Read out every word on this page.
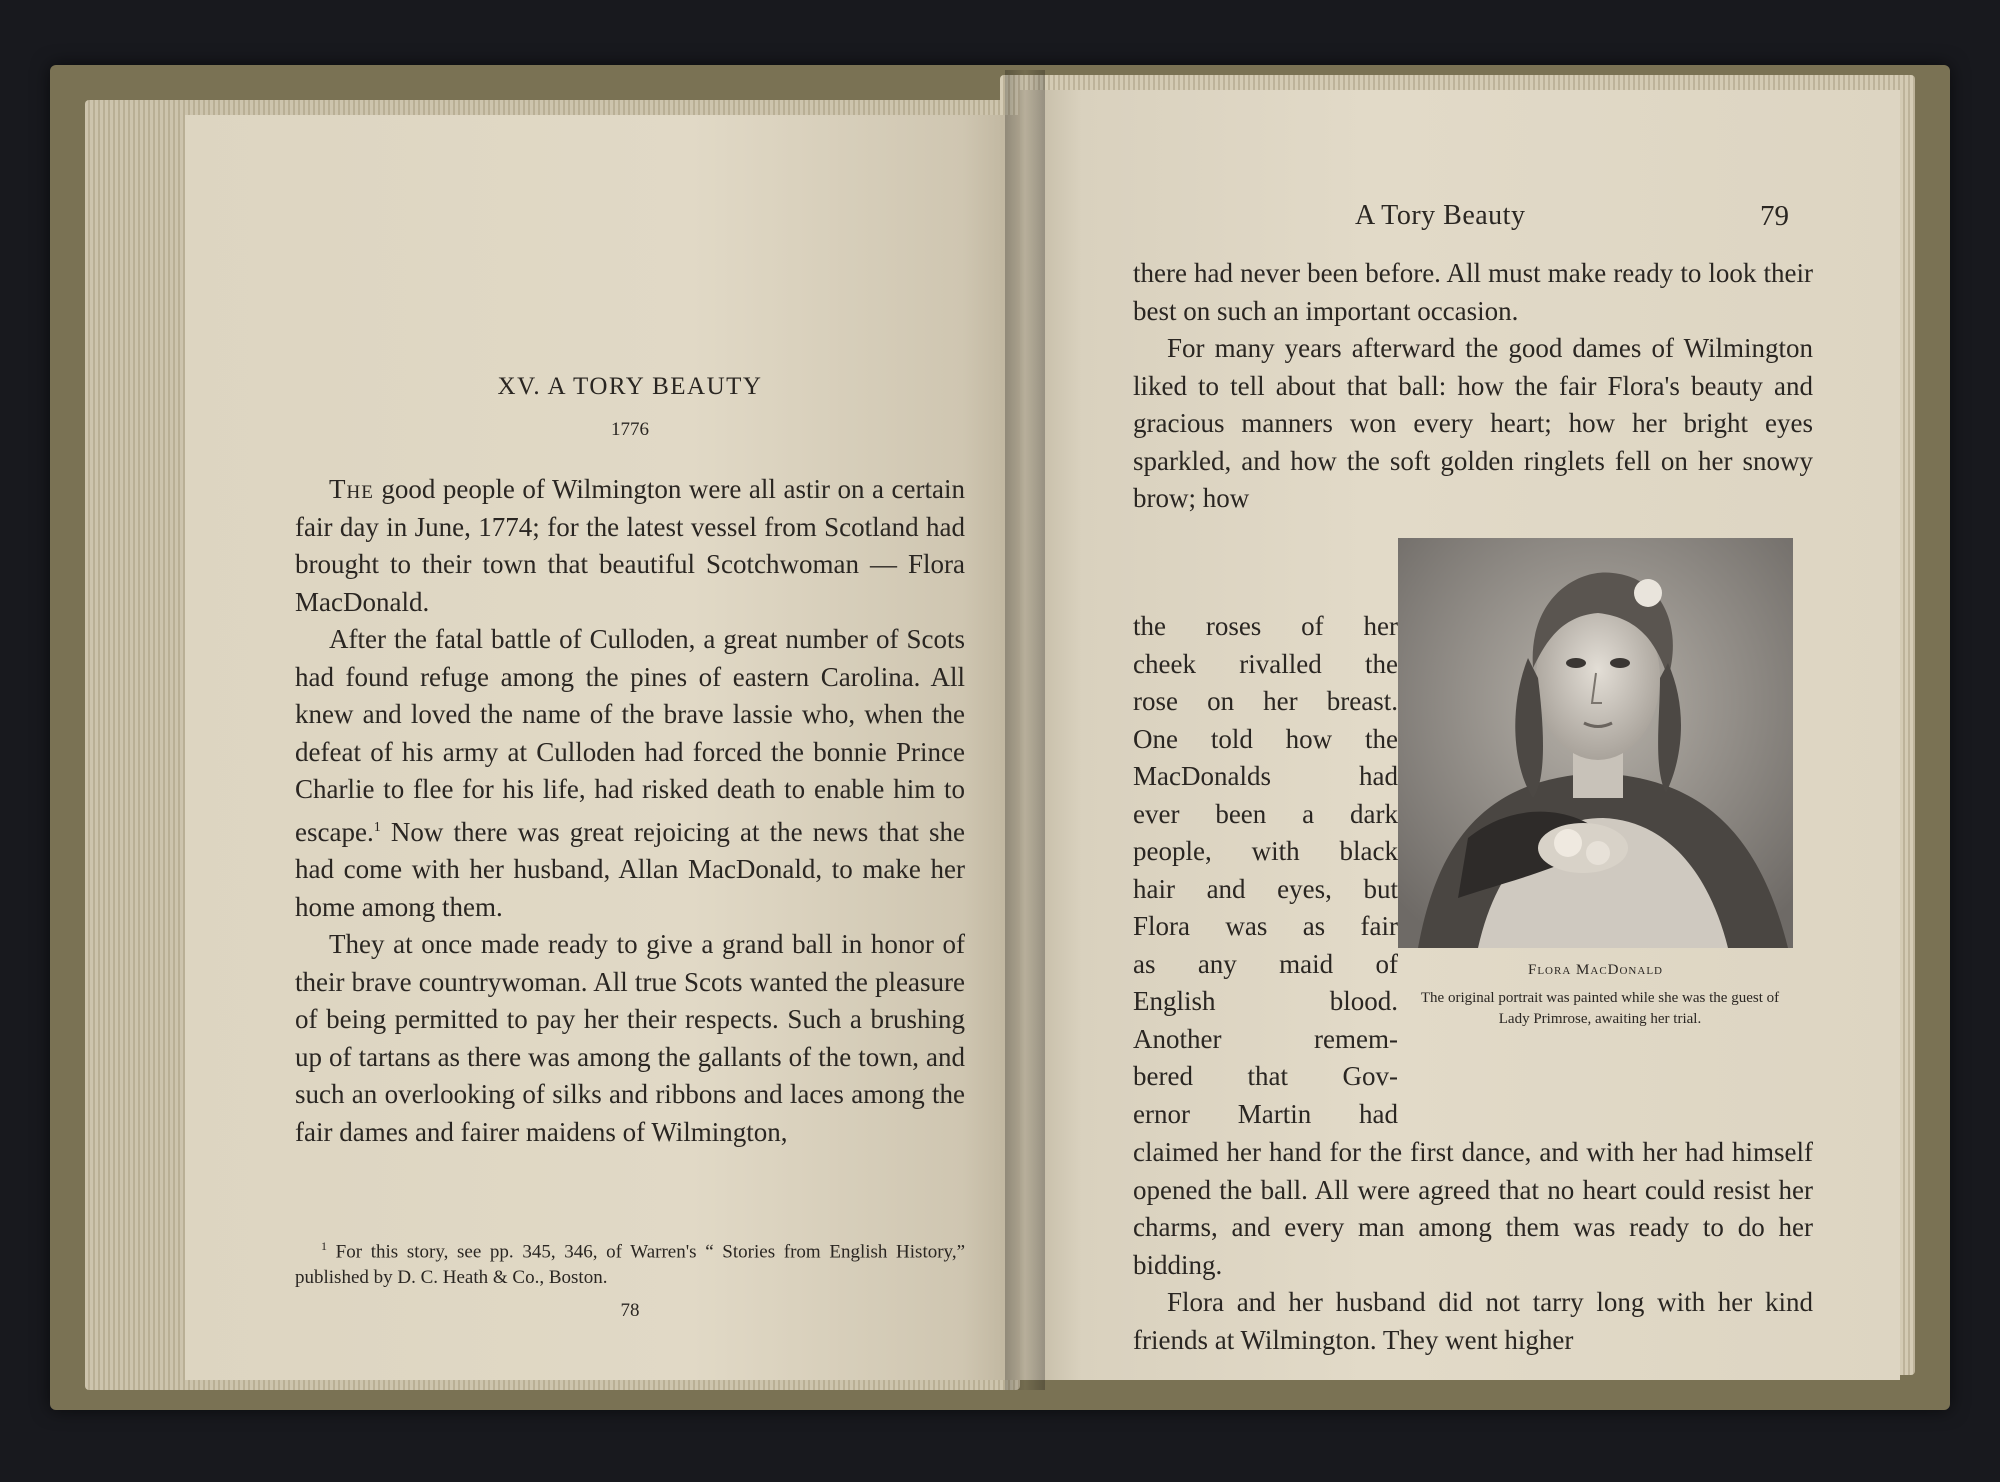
XV. A TORY BEAUTY
1776

The good people of Wilmington were all astir on a certain fair day in June, 1774; for the latest vessel from Scotland had brought to their town that beautiful Scotchwoman — Flora MacDonald.

After the fatal battle of Culloden, a great number of Scots had found refuge among the pines of eastern Carolina. All knew and loved the name of the brave lassie who, when the defeat of his army at Culloden had forced the bonnie Prince Charlie to flee for his life, had risked death to enable him to escape.$^1$ Now there was great rejoicing at the news that she had come with her husband, Allan MacDonald, to make her home among them.

They at once made ready to give a grand ball in honor of their brave countrywoman. All true Scots wanted the pleasure of being permitted to pay her their respects. Such a brushing up of tartans as there was among the gallants of the town, and such an overlooking of silks and ribbons and laces among the fair dames and fairer maidens of Wilmington,

$^1$ For this story, see pp. 345, 346, of Warren's “ Stories from English History,” published by D. C. Heath & Co., Boston.
78
A Tory Beauty	79

there had never been before. All must make ready to look their best on such an important occasion.

For many years afterward the good dames of Wilmington liked to tell about that ball: how the fair Flora's beauty and gracious manners won every heart; how her bright eyes sparkled, and how the soft golden ringlets fell on her snowy brow; how

the roses of her
cheek rivalled the
rose on her breast.
One told how the
MacDonalds	had
ever been a dark
people, with black
hair and eyes, but
Flora was as fair
as any maid of
English	blood.
Another	remem-
bered that Gov-
ernor Martin had
Flora MacDonald
The original portrait was painted while she was the guest of Lady Primrose, awaiting her trial.

claimed her hand for the first dance, and with her had himself opened the ball. All were agreed that no heart could resist her charms, and every man among them was ready to do her bidding.

Flora and her husband did not tarry long with her kind friends at Wilmington. They went higher
